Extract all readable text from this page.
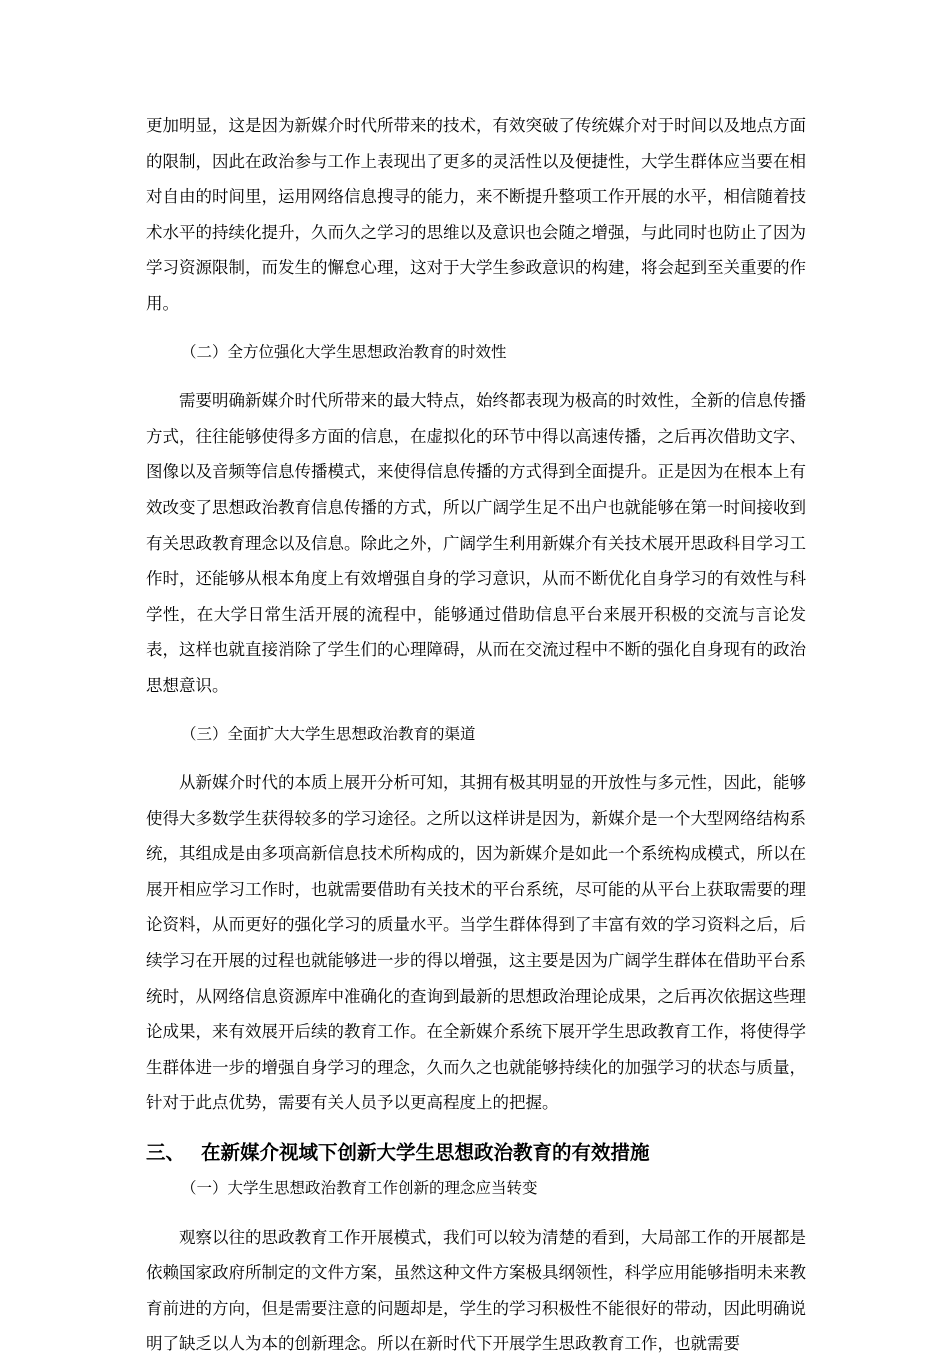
更加明显，这是因为新媒介时代所带来的技术，有效突破了传统媒介对于时间以及地点方面的限制，因此在政治参与工作上表现出了更多的灵活性以及便捷性，大学生群体应当要在相对自由的时间里，运用网络信息搜寻的能力，来不断提升整项工作开展的水平，相信随着技术水平的持续化提升，久而久之学习的思维以及意识也会随之增强，与此同时也防止了因为学习资源限制，而发生的懈怠心理，这对于大学生参政意识的构建，将会起到至关重要的作用。

（二）全方位强化大学生思想政治教育的时效性

需要明确新媒介时代所带来的最大特点，始终都表现为极高的时效性，全新的信息传播方式，往往能够使得多方面的信息，在虚拟化的环节中得以高速传播，之后再次借助文字、图像以及音频等信息传播模式，来使得信息传播的方式得到全面提升。正是因为在根本上有效改变了思想政治教育信息传播的方式，所以广阔学生足不出户也就能够在第一时间接收到有关思政教育理念以及信息。除此之外，广阔学生利用新媒介有关技术展开思政科目学习工作时，还能够从根本角度上有效增强自身的学习意识，从而不断优化自身学习的有效性与科学性，在大学日常生活开展的流程中，能够通过借助信息平台来展开积极的交流与言论发表，这样也就直接消除了学生们的心理障碍，从而在交流过程中不断的强化自身现有的政治思想意识。

（三）全面扩大大学生思想政治教育的渠道

从新媒介时代的本质上展开分析可知，其拥有极其明显的开放性与多元性，因此，能够使得大多数学生获得较多的学习途径。之所以这样讲是因为，新媒介是一个大型网络结构系统，其组成是由多项高新信息技术所构成的，因为新媒介是如此一个系统构成模式，所以在展开相应学习工作时，也就需要借助有关技术的平台系统，尽可能的从平台上获取需要的理论资料，从而更好的强化学习的质量水平。当学生群体得到了丰富有效的学习资料之后，后续学习在开展的过程也就能够进一步的得以增强，这主要是因为广阔学生群体在借助平台系统时，从网络信息资源库中准确化的查询到最新的思想政治理论成果，之后再次依据这些理论成果，来有效展开后续的教育工作。在全新媒介系统下展开学生思政教育工作，将使得学生群体进一步的增强自身学习的理念，久而久之也就能够持续化的加强学习的状态与质量，针对于此点优势，需要有关人员予以更高程度上的把握。

三、 在新媒介视域下创新大学生思想政治教育的有效措施

（一）大学生思想政治教育工作创新的理念应当转变

观察以往的思政教育工作开展模式，我们可以较为清楚的看到，大局部工作的开展都是依赖国家政府所制定的文件方案，虽然这种文件方案极具纲领性，科学应用能够指明未来教育前进的方向，但是需要注意的问题却是，学生的学习积极性不能很好的带动，因此明确说明了缺乏以人为本的创新理念。所以在新时代下开展学生思政教育工作，也就需要
